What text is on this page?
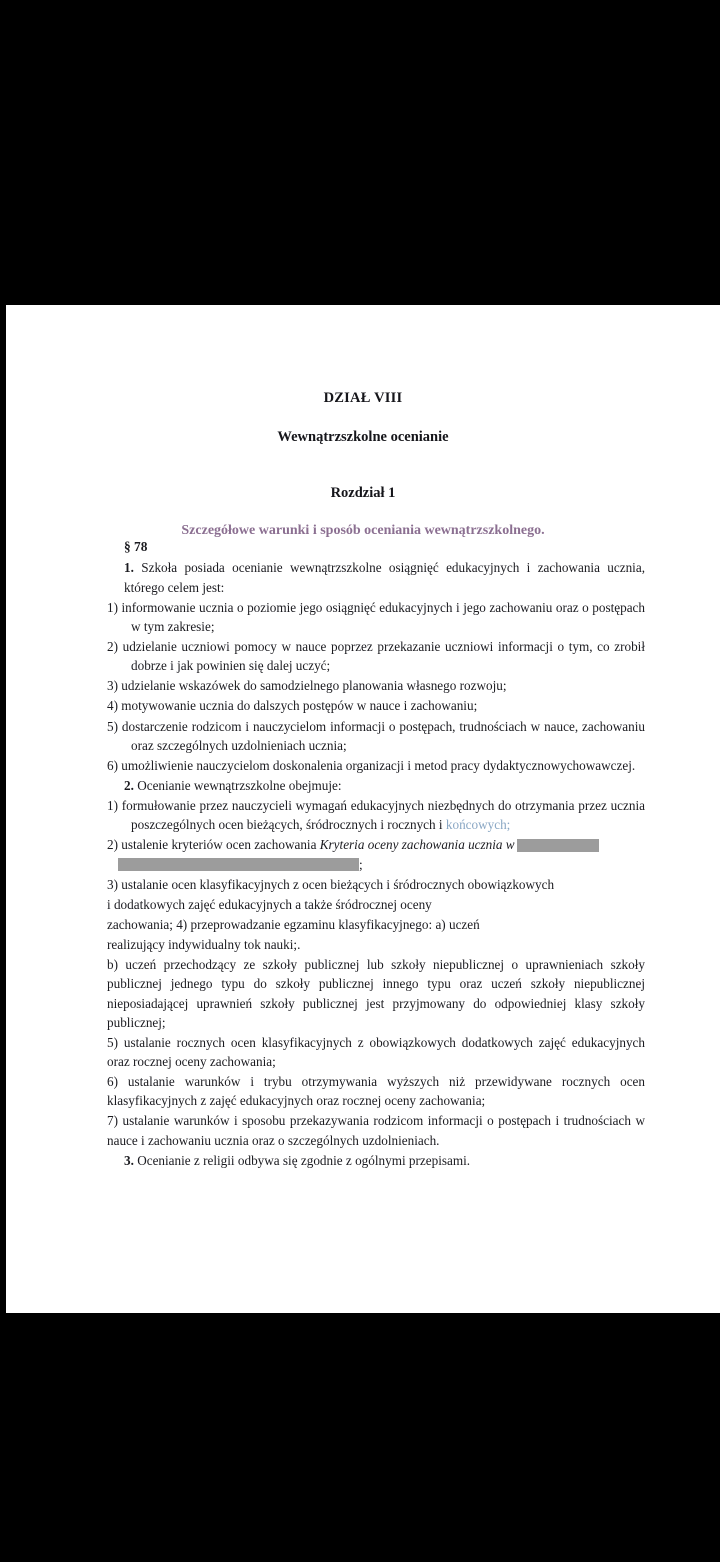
DZIAŁ VIII
Wewnątrzszkolne ocenianie
Rozdział 1
Szczegółowe warunki i sposób oceniania wewnątrzszkolnego.
§ 78

1. Szkoła posiada ocenianie wewnątrzszkolne osiągnięć edukacyjnych i zachowania ucznia, którego celem jest:

1) informowanie ucznia o poziomie jego osiągnięć edukacyjnych i jego zachowaniu oraz o postępach w tym zakresie;

2) udzielanie uczniowi pomocy w nauce poprzez przekazanie uczniowi informacji o tym, co zrobił dobrze i jak powinien się dalej uczyć;

3) udzielanie wskazówek do samodzielnego planowania własnego rozwoju;

4) motywowanie ucznia do dalszych postępów w nauce i zachowaniu;

5) dostarczenie rodzicom i nauczycielom informacji o postępach, trudnościach w nauce, zachowaniu oraz szczególnych uzdolnieniach ucznia;

6) umożliwienie nauczycielom doskonalenia organizacji i metod pracy dydaktycznowychowawczej.

2. Ocenianie wewnątrzszkolne obejmuje:

1) formułowanie przez nauczycieli wymagań edukacyjnych niezbędnych do otrzymania przez ucznia poszczególnych ocen bieżących, śródrocznych i rocznych i końcowych;

2) ustalenie kryteriów ocen zachowania Kryteria oceny zachowania ucznia w;

3) ustalanie ocen klasyfikacyjnych z ocen bieżących i śródrocznych obowiązkowych

i dodatkowych zajęć edukacyjnych a także śródrocznej oceny

zachowania; 4) przeprowadzanie egzaminu klasyfikacyjnego: a) uczeń

realizujący indywidualny tok nauki;.

b) uczeń przechodzący ze szkoły publicznej lub szkoły niepublicznej o uprawnieniach szkoły publicznej jednego typu do szkoły publicznej innego typu oraz uczeń szkoły niepublicznej nieposiadającej uprawnień szkoły publicznej jest przyjmowany do odpowiedniej klasy szkoły publicznej;

5) ustalanie rocznych ocen klasyfikacyjnych z obowiązkowych dodatkowych zajęć edukacyjnych oraz rocznej oceny zachowania;

6) ustalanie warunków i trybu otrzymywania wyższych niż przewidywane rocznych ocen klasyfikacyjnych z zajęć edukacyjnych oraz rocznej oceny zachowania;

7) ustalanie warunków i sposobu przekazywania rodzicom informacji o postępach i trudnościach w nauce i zachowaniu ucznia oraz o szczególnych uzdolnieniach.

3. Ocenianie z religii odbywa się zgodnie z ogólnymi przepisami.
